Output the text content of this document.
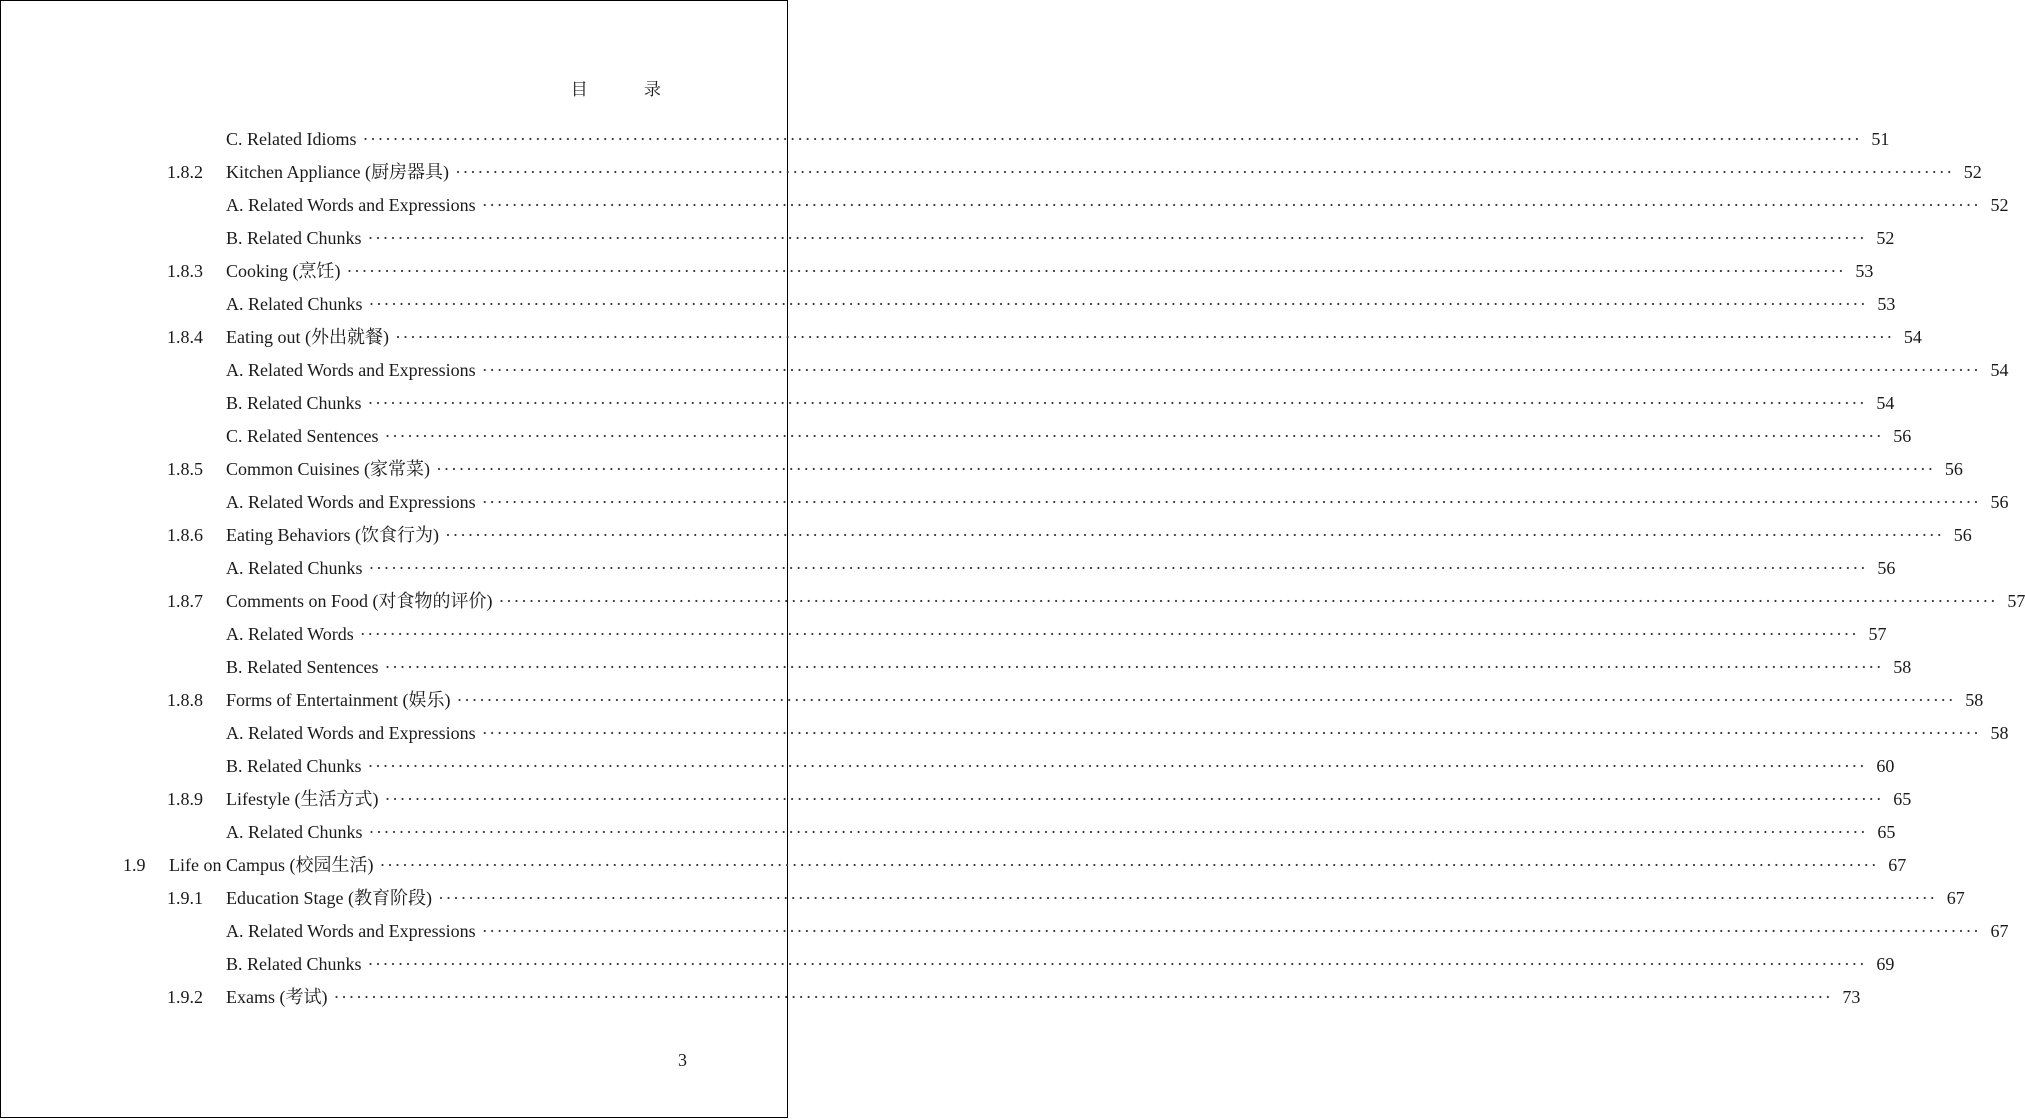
目 录
C. Related Idioms ········································································································································································································ 51
1.8.2 Kitchen Appliance (厨房器具) ········································································································································································································ 52
A. Related Words and Expressions ········································································································································································································ 52
B. Related Chunks ········································································································································································································ 52
1.8.3 Cooking (烹饪) ········································································································································································································ 53
A. Related Chunks ········································································································································································································ 53
1.8.4 Eating out (外出就餐) ········································································································································································································ 54
A. Related Words and Expressions ········································································································································································································ 54
B. Related Chunks ········································································································································································································ 54
C. Related Sentences ········································································································································································································ 56
1.8.5 Common Cuisines (家常菜) ········································································································································································································ 56
A. Related Words and Expressions ········································································································································································································ 56
1.8.6 Eating Behaviors (饮食行为) ········································································································································································································ 56
A. Related Chunks ········································································································································································································ 56
1.8.7 Comments on Food (对食物的评价) ········································································································································································································ 57
A. Related Words ········································································································································································································ 57
B. Related Sentences ········································································································································································································ 58
1.8.8 Forms of Entertainment (娱乐) ········································································································································································································ 58
A. Related Words and Expressions ········································································································································································································ 58
B. Related Chunks ········································································································································································································ 60
1.8.9 Lifestyle (生活方式) ········································································································································································································ 65
A. Related Chunks ········································································································································································································ 65
1.9 Life on Campus (校园生活) ········································································································································································································ 67
1.9.1 Education Stage (教育阶段) ········································································································································································································ 67
A. Related Words and Expressions ········································································································································································································ 67
B. Related Chunks ········································································································································································································ 69
1.9.2 Exams (考试) ········································································································································································································ 73
3
